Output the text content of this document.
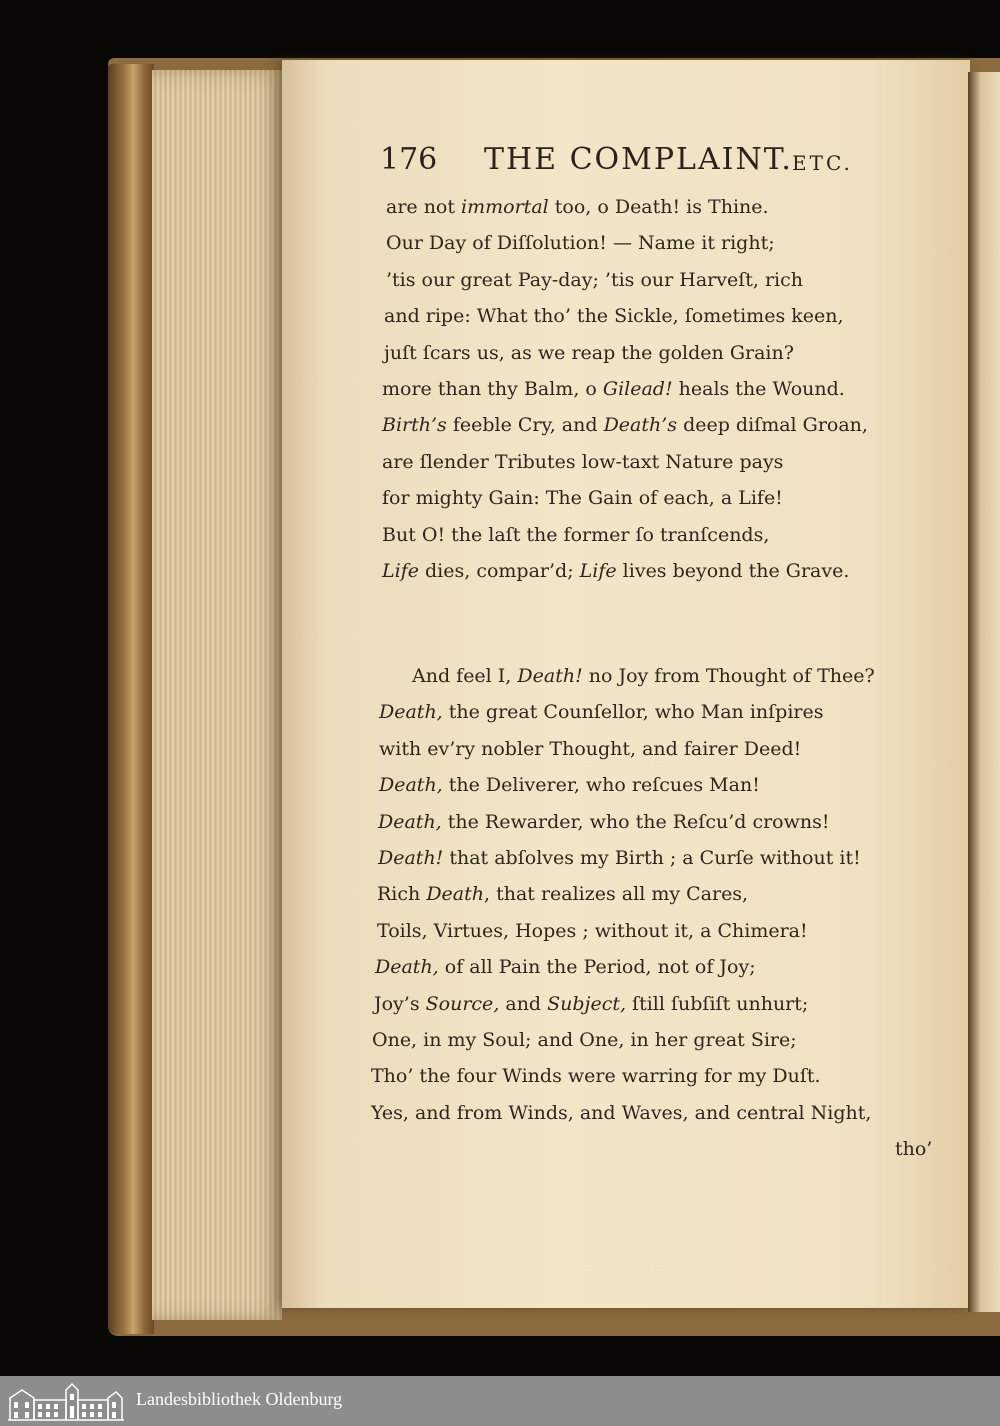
176 THE COMPLAINT. ETC.
are not immortal too, o Death! is Thine.
Our Day of Diſſolution! — Name it right;
’tis our great Pay-day; ’tis our Harveſt, rich
and ripe: What tho’ the Sickle, ſometimes keen,
juſt ſcars us, as we reap the golden Grain?
more than thy Balm, o Gilead! heals the Wound.
Birth’s feeble Cry, and Death’s deep diſmal Groan,
are ſlender Tributes low-taxt Nature pays
for mighty Gain: The Gain of each, a Life!
But O! the laſt the former ſo tranſcends,
Life dies, compar’d; Life lives beyond the Grave.
And feel I, Death! no Joy from Thought of Thee?
Death, the great Counſellor, who Man inſpires
with ev’ry nobler Thought, and fairer Deed!
Death, the Deliverer, who reſcues Man!
Death, the Rewarder, who the Reſcu’d crowns!
Death! that abſolves my Birth ; a Curſe without it!
Rich Death, that realizes all my Cares,
Toils, Virtues, Hopes ; without it, a Chimera!
Death, of all Pain the Period, not of Joy;
Joy’s Source, and Subject, ſtill ſubſiſt unhurt;
One, in my Soul; and One, in her great Sire;
Tho’ the four Winds were warring for my Duſt.
Yes, and from Winds, and Waves, and central Night,
tho’
Landesbibliothek Oldenburg
